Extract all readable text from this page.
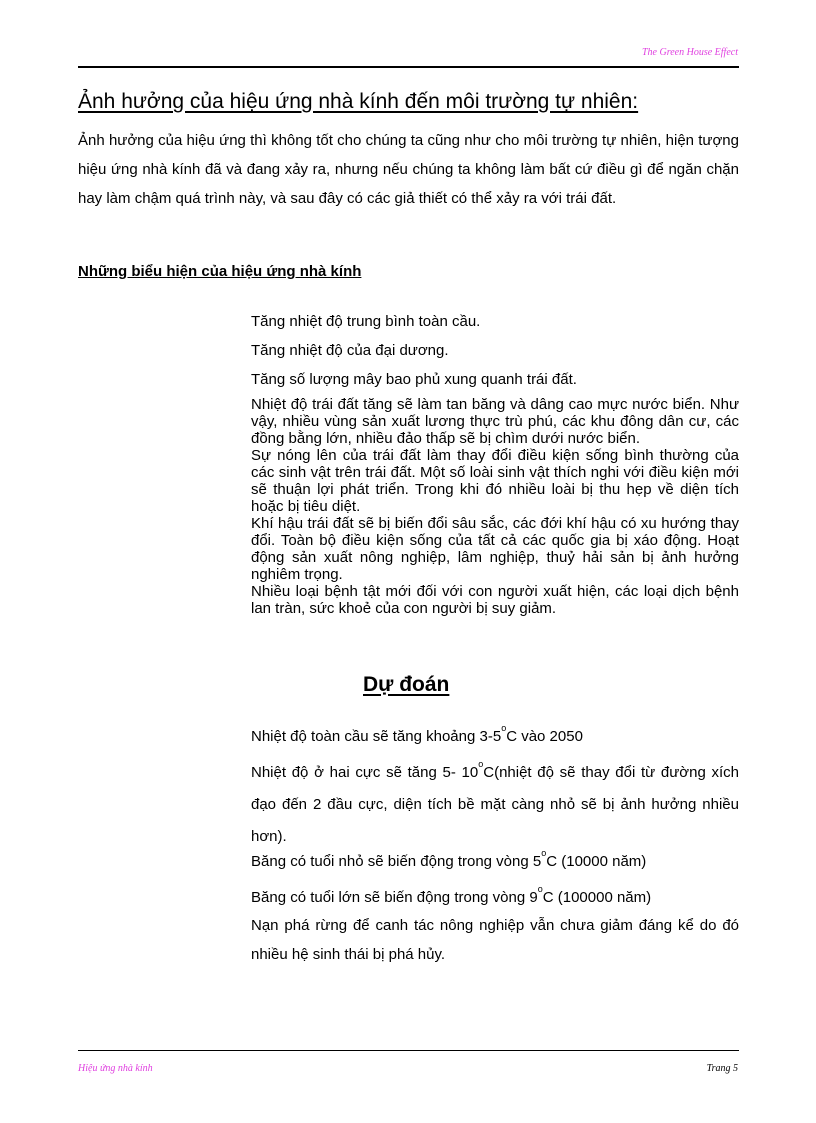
The Green House Effect
Ảnh hưởng của hiệu ứng nhà kính đến môi trường tự nhiên:

Ảnh hưởng của hiệu ứng thì không tốt cho chúng ta cũng như cho môi trường tự nhiên, hiện tượng hiệu ứng nhà kính đã và đang xảy ra, nhưng nếu chúng ta không làm bất cứ điều gì để ngăn chặn hay làm chậm quá trình này, và sau đây có các giả thiết có thể xảy ra với trái đất.

Những biểu hiện của hiệu ứng nhà kính

Tăng nhiệt độ trung bình toàn cầu.

Tăng nhiệt độ của đại dương.

Tăng số lượng mây bao phủ xung quanh trái đất.

Nhiệt độ trái đất tăng sẽ làm tan băng và dâng cao mực nước biển. Như vậy, nhiều vùng sản xuất lương thực trù phú, các khu đông dân cư, các đồng bằng lớn, nhiều đảo thấp sẽ bị chìm dưới nước biển.

Sự nóng lên của trái đất làm thay đổi điều kiện sống bình thường của các sinh vật trên trái đất. Một số loài sinh vật thích nghi với điều kiện mới sẽ thuận lợi phát triển. Trong khi đó nhiều loài bị thu hẹp về diện tích hoặc bị tiêu diệt.

Khí hậu trái đất sẽ bị biến đổi sâu sắc, các đới khí hậu có xu hướng thay đổi. Toàn bộ điều kiện sống của tất cả các quốc gia bị xáo động. Hoạt động sản xuất nông nghiệp, lâm nghiệp, thuỷ hải sản bị ảnh hưởng nghiêm trọng.

Nhiều loại bệnh tật mới đối với con người xuất hiện, các loại dịch bệnh lan tràn, sức khoẻ của con người bị suy giảm.

Dự đoán

Nhiệt độ toàn cầu sẽ tăng khoảng 3-5$^o$C vào 2050

Nhiệt độ ở hai cực sẽ tăng 5- 10$^o$C(nhiệt độ sẽ thay đổi từ đường xích đạo đến 2 đầu cực, diện tích bề mặt càng nhỏ sẽ bị ảnh hưởng nhiều hơn).

Băng có tuổi nhỏ sẽ biến động trong vòng 5$^o$C (10000 năm)

Băng có tuổi lớn sẽ biến động trong vòng 9$^o$C (100000 năm)

Nạn phá rừng để canh tác nông nghiệp vẫn chưa giảm đáng kể do đó nhiều hệ sinh thái bị phá hủy.

Hiệu ứng nhà kính	Trang 5
